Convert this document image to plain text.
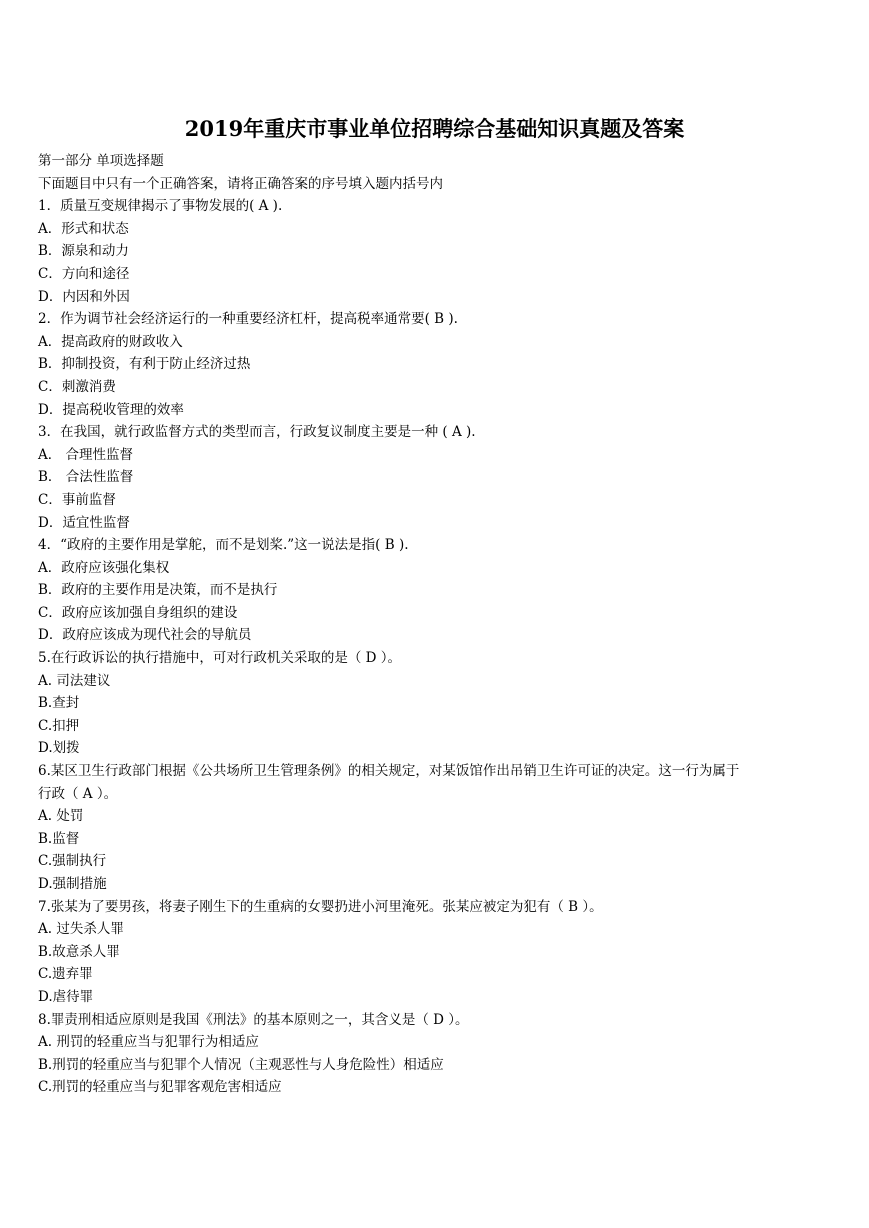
2019年重庆市事业单位招聘综合基础知识真题及答案
第一部分 单项选择题
下面题目中只有一个正确答案，请将正确答案的序号填入题内括号内
1．质量互变规律揭示了事物发展的( A ).
A．形式和状态
B．源泉和动力
C．方向和途径
D．内因和外因
2．作为调节社会经济运行的一种重要经济杠杆，提高税率通常要( B ).
A．提高政府的财政收入
B．抑制投资，有利于防止经济过热
C．刺激消费
D．提高税收管理的效率
3．在我国，就行政监督方式的类型而言，行政复议制度主要是一种 ( A ).
A． 合理性监督
B． 合法性监督
C．事前监督
D．适宜性监督
4．“政府的主要作用是掌舵，而不是划桨.”这一说法是指( B ).
A．政府应该强化集权
B．政府的主要作用是决策，而不是执行
C．政府应该加强自身组织的建设
D．政府应该成为现代社会的导航员
5.在行政诉讼的执行措施中，可对行政机关采取的是（ D ）。
A. 司法建议
B.查封
C.扣押
D.划拨
6.某区卫生行政部门根据《公共场所卫生管理条例》的相关规定，对某饭馆作出吊销卫生许可证的决定。这一行为属于
行政（ A ）。
A. 处罚
B.监督
C.强制执行
D.强制措施
7.张某为了要男孩，将妻子刚生下的生重病的女婴扔进小河里淹死。张某应被定为犯有（ B ）。
A. 过失杀人罪
B.故意杀人罪
C.遗弃罪
D.虐待罪
8.罪责刑相适应原则是我国《刑法》的基本原则之一，其含义是（ D ）。
A. 刑罚的轻重应当与犯罪行为相适应
B.刑罚的轻重应当与犯罪个人情况（主观恶性与人身危险性）相适应
C.刑罚的轻重应当与犯罪客观危害相适应
